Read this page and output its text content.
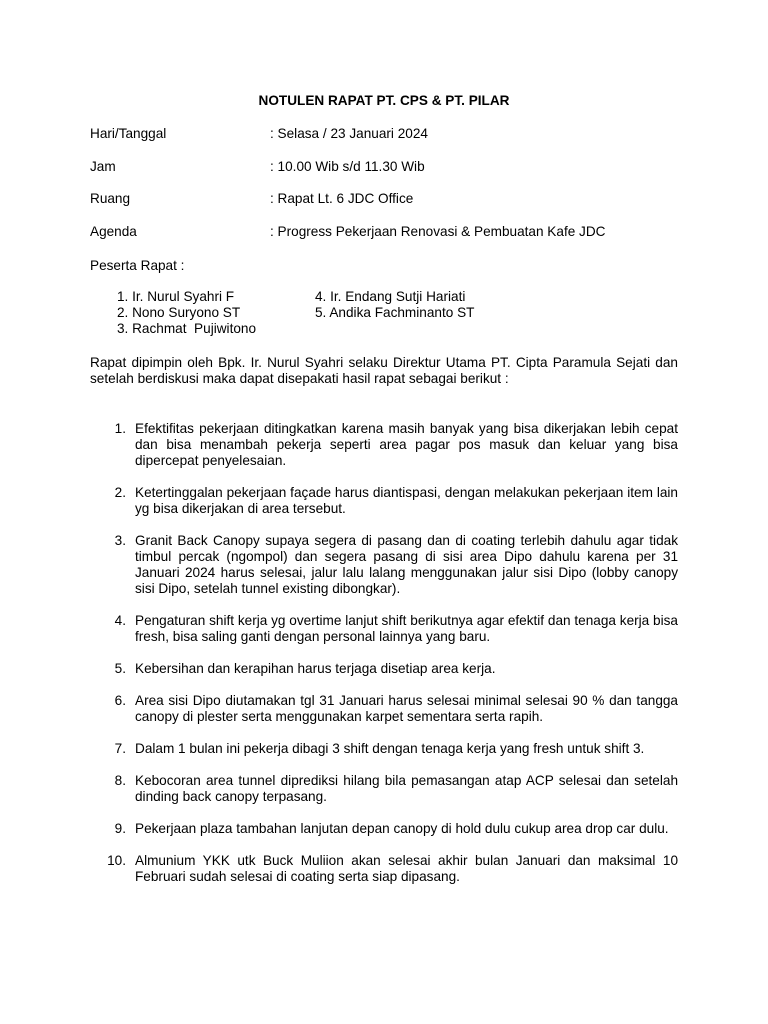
NOTULEN RAPAT PT. CPS & PT. PILAR
Hari/Tanggal	: Selasa / 23 Januari 2024
Jam	: 10.00 Wib s/d 11.30 Wib
Ruang	: Rapat Lt. 6 JDC Office
Agenda	: Progress Pekerjaan Renovasi & Pembuatan Kafe JDC
Peserta Rapat :
1. Ir. Nurul Syahri F
2. Nono Suryono ST
3. Rachmat  Pujiwitono
4. Ir. Endang Sutji Hariati
5. Andika Fachminanto ST
Rapat dipimpin oleh Bpk. Ir. Nurul Syahri selaku Direktur Utama PT. Cipta Paramula Sejati dan setelah berdiskusi maka dapat disepakati hasil rapat sebagai berikut :
1. Efektifitas pekerjaan ditingkatkan karena masih banyak yang bisa dikerjakan lebih cepat dan bisa menambah pekerja seperti area pagar pos masuk dan keluar yang bisa dipercepat penyelesaian.
2. Ketertinggalan pekerjaan façade harus diantispasi, dengan melakukan pekerjaan item lain yg bisa dikerjakan di area tersebut.
3. Granit Back Canopy supaya segera di pasang dan di coating terlebih dahulu agar tidak timbul percak (ngompol) dan segera pasang di sisi area Dipo dahulu karena per 31 Januari 2024 harus selesai, jalur lalu lalang menggunakan jalur sisi Dipo (lobby canopy sisi Dipo, setelah tunnel existing dibongkar).
4. Pengaturan shift kerja yg overtime lanjut shift berikutnya agar efektif dan tenaga kerja bisa fresh, bisa saling ganti dengan personal lainnya yang baru.
5. Kebersihan dan kerapihan harus terjaga disetiap area kerja.
6. Area sisi Dipo diutamakan tgl 31 Januari harus selesai minimal selesai 90 % dan tangga canopy di plester serta menggunakan karpet sementara serta rapih.
7. Dalam 1 bulan ini pekerja dibagi 3 shift dengan tenaga kerja yang fresh untuk shift 3.
8. Kebocoran area tunnel diprediksi hilang bila pemasangan atap ACP selesai dan setelah dinding back canopy terpasang.
9. Pekerjaan plaza tambahan lanjutan depan canopy di hold dulu cukup area drop car dulu.
10. Almunium YKK utk Buck Muliion akan selesai akhir bulan Januari dan maksimal 10 Februari sudah selesai di coating serta siap dipasang.
